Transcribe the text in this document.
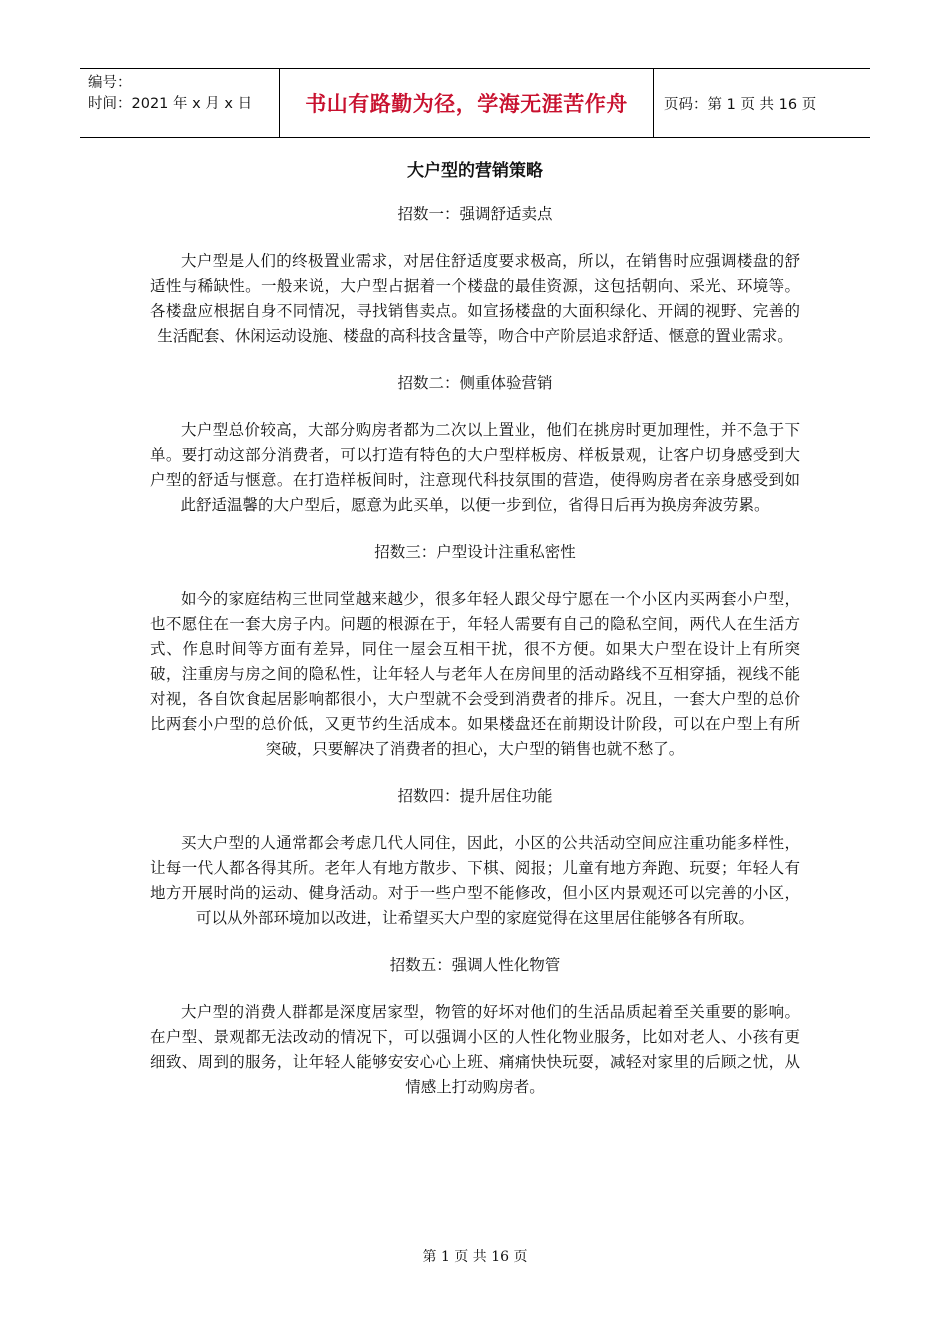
编号：
时间：2021 年 x 月 x 日	书山有路勤为径，学海无涯苦作舟	页码：第 1 页 共 16 页
大户型的营销策略
招数一：强调舒适卖点
大户型是人们的终极置业需求，对居住舒适度要求极高，所以，在销售时应强调楼盘的舒适性与稀缺性。一般来说，大户型占据着一个楼盘的最佳资源，这包括朝向、采光、环境等。各楼盘应根据自身不同情况，寻找销售卖点。如宣扬楼盘的大面积绿化、开阔的视野、完善的生活配套、休闲运动设施、楼盘的高科技含量等，吻合中产阶层追求舒适、惬意的置业需求。
招数二：侧重体验营销
大户型总价较高，大部分购房者都为二次以上置业，他们在挑房时更加理性，并不急于下单。要打动这部分消费者，可以打造有特色的大户型样板房、样板景观，让客户切身感受到大户型的舒适与惬意。在打造样板间时，注意现代科技氛围的营造，使得购房者在亲身感受到如此舒适温馨的大户型后，愿意为此买单，以便一步到位，省得日后再为换房奔波劳累。
招数三：户型设计注重私密性
如今的家庭结构三世同堂越来越少，很多年轻人跟父母宁愿在一个小区内买两套小户型，也不愿住在一套大房子内。问题的根源在于，年轻人需要有自己的隐私空间，两代人在生活方式、作息时间等方面有差异，同住一屋会互相干扰，很不方便。如果大户型在设计上有所突破，注重房与房之间的隐私性，让年轻人与老年人在房间里的活动路线不互相穿插，视线不能对视，各自饮食起居影响都很小，大户型就不会受到消费者的排斥。况且，一套大户型的总价比两套小户型的总价低，又更节约生活成本。如果楼盘还在前期设计阶段，可以在户型上有所突破，只要解决了消费者的担心，大户型的销售也就不愁了。
招数四：提升居住功能
买大户型的人通常都会考虑几代人同住，因此，小区的公共活动空间应注重功能多样性，让每一代人都各得其所。老年人有地方散步、下棋、阅报；儿童有地方奔跑、玩耍；年轻人有地方开展时尚的运动、健身活动。对于一些户型不能修改，但小区内景观还可以完善的小区，可以从外部环境加以改进，让希望买大户型的家庭觉得在这里居住能够各有所取。
招数五：强调人性化物管
大户型的消费人群都是深度居家型，物管的好坏对他们的生活品质起着至关重要的影响。在户型、景观都无法改动的情况下，可以强调小区的人性化物业服务，比如对老人、小孩有更细致、周到的服务，让年轻人能够安安心心上班、痛痛快快玩耍，减轻对家里的后顾之忧，从情感上打动购房者。
第 1 页 共 16 页
